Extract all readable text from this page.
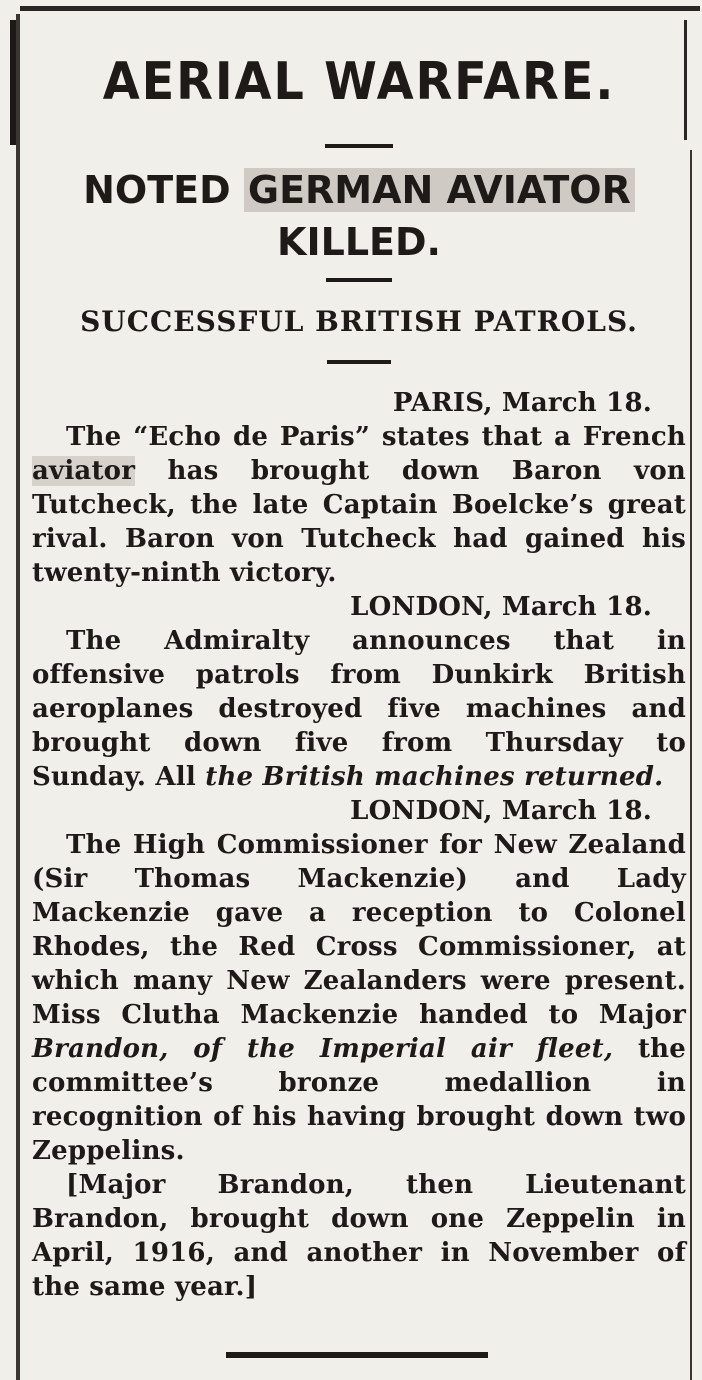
AERIAL WARFARE.
NOTED GERMAN AVIATOR
KILLED.
SUCCESSFUL BRITISH PATROLS.
PARIS, March 18.

The “Echo de Paris” states that a French aviator has brought down Baron von Tutcheck, the late Captain Boelcke’s great rival. Baron von Tutcheck had gained his twenty-ninth victory.

LONDON, March 18.

The Admiralty announces that in offensive patrols from Dunkirk British aeroplanes destroyed five machines and brought down five from Thursday to Sunday. All the British machines returned.

LONDON, March 18.

The High Commissioner for New Zealand (Sir Thomas Mackenzie) and Lady Mackenzie gave a reception to Colonel Rhodes, the Red Cross Commissioner, at which many New Zealanders were present. Miss Clutha Mackenzie handed to Major Brandon, of the Imperial air fleet, the committee’s bronze medallion in recognition of his having brought down two Zeppelins.

[Major Brandon, then Lieutenant Brandon, brought down one Zeppelin in April, 1916, and another in November of the same year.]
